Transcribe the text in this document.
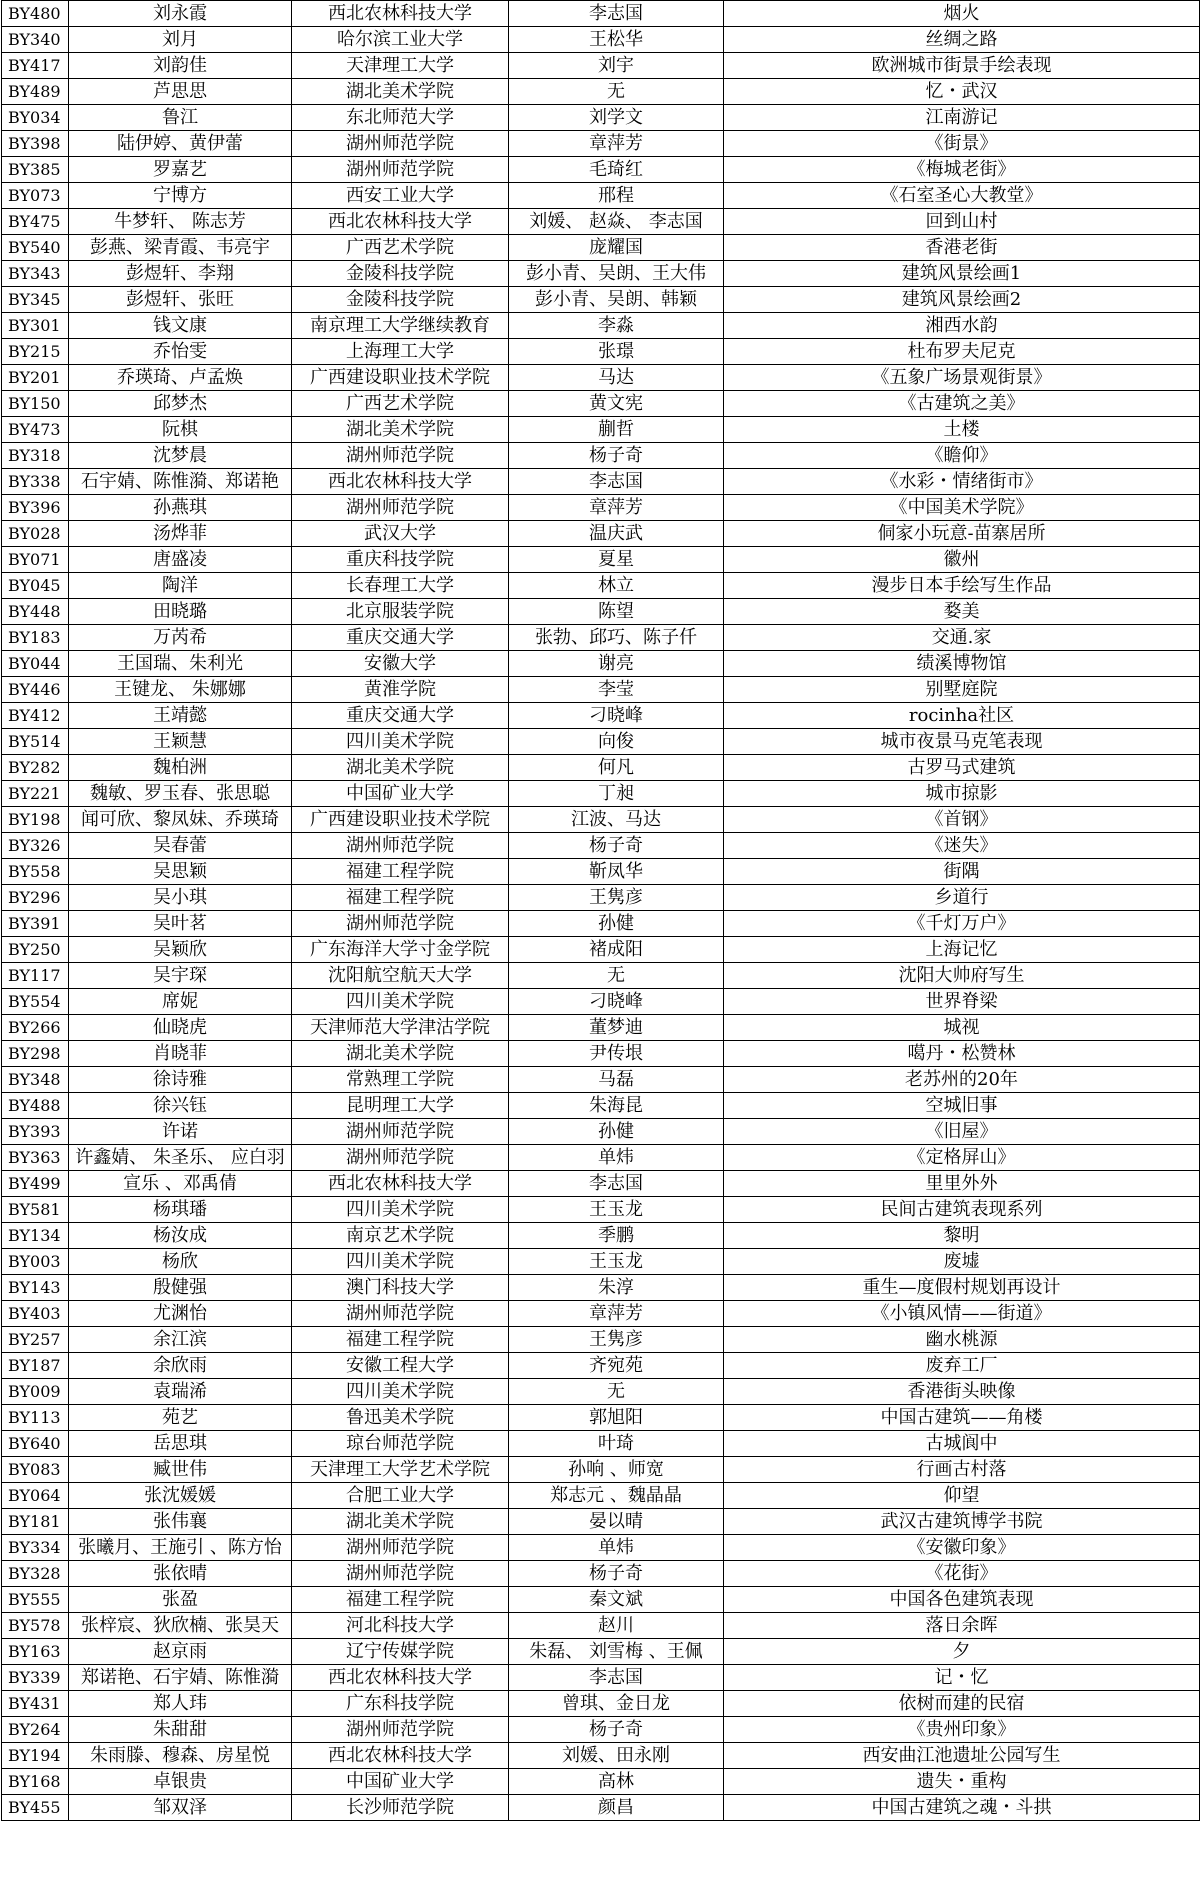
BY480	刘永霞	西北农林科技大学	李志国	烟火
BY340	刘月	哈尔滨工业大学	王松华	丝绸之路
BY417	刘韵佳	天津理工大学	刘宇	欧洲城市街景手绘表现
BY489	芦思思	湖北美术学院	无	忆・武汉
BY034	鲁江	东北师范大学	刘学文	江南游记
BY398	陆伊婷、黄伊蕾	湖州师范学院	章萍芳	《街景》
BY385	罗嘉艺	湖州师范学院	毛琦红	《梅城老街》
BY073	宁博方	西安工业大学	邢程	《石室圣心大教堂》
BY475	牛梦轩、 陈志芳	西北农林科技大学	刘媛、 赵焱、 李志国	回到山村
BY540	彭燕、梁青霞、韦亮宇	广西艺术学院	庞耀国	香港老街
BY343	彭煜轩、李翔	金陵科技学院	彭小青、吴朗、王大伟	建筑风景绘画1
BY345	彭煜轩、张旺	金陵科技学院	彭小青、吴朗、韩颖	建筑风景绘画2
BY301	钱文康	南京理工大学继续教育	李淼	湘西水韵
BY215	乔怡雯	上海理工大学	张璟	杜布罗夫尼克
BY201	乔瑛琦、卢孟焕	广西建设职业技术学院	马达	《五象广场景观街景》
BY150	邱梦杰	广西艺术学院	黄文宪	《古建筑之美》
BY473	阮棋	湖北美术学院	蒯哲	土楼
BY318	沈梦晨	湖州师范学院	杨子奇	《瞻仰》
BY338	石宇婧、陈惟漪、郑诺艳	西北农林科技大学	李志国	《水彩・情绪街市》
BY396	孙燕琪	湖州师范学院	章萍芳	《中国美术学院》
BY028	汤烨菲	武汉大学	温庆武	侗家小玩意-苗寨居所
BY071	唐盛凌	重庆科技学院	夏星	徽州
BY045	陶洋	长春理工大学	林立	漫步日本手绘写生作品
BY448	田晓璐	北京服装学院	陈望	婺美
BY183	万芮希	重庆交通大学	张勃、邱巧、陈子仟	交通.家
BY044	王国瑞、朱利光	安徽大学	谢亮	绩溪博物馆
BY446	王键龙、 朱娜娜	黄淮学院	李莹	别墅庭院
BY412	王靖懿	重庆交通大学	刁晓峰	rocinha社区
BY514	王颖慧	四川美术学院	向俊	城市夜景马克笔表现
BY282	魏柏洲	湖北美术学院	何凡	古罗马式建筑
BY221	魏敏、罗玉春、张思聪	中国矿业大学	丁昶	城市掠影
BY198	闻可欣、黎凤妹、乔瑛琦	广西建设职业技术学院	江波、马达	《首钢》
BY326	吴春蕾	湖州师范学院	杨子奇	《迷失》
BY558	吴思颖	福建工程学院	靳凤华	街隅
BY296	吴小琪	福建工程学院	王隽彦	乡道行
BY391	吴叶茗	湖州师范学院	孙健	《千灯万户》
BY250	吴颖欣	广东海洋大学寸金学院	褚成阳	上海记忆
BY117	吴宇琛	沈阳航空航天大学	无	沈阳大帅府写生
BY554	席妮	四川美术学院	刁晓峰	世界脊梁
BY266	仙晓虎	天津师范大学津沽学院	董梦迪	城视
BY298	肖晓菲	湖北美术学院	尹传垠	噶丹・松赞林
BY348	徐诗雅	常熟理工学院	马磊	老苏州的20年
BY488	徐兴钰	昆明理工大学	朱海昆	空城旧事
BY393	许诺	湖州师范学院	孙健	《旧屋》
BY363	许鑫婧、 朱圣乐、 应白羽	湖州师范学院	单炜	《定格屏山》
BY499	宣乐 、邓禹倩	西北农林科技大学	李志国	里里外外
BY581	杨琪璠	四川美术学院	王玉龙	民间古建筑表现系列
BY134	杨汝成	南京艺术学院	季鹏	黎明
BY003	杨欣	四川美术学院	王玉龙	废墟
BY143	殷健强	澳门科技大学	朱淳	重生—度假村规划再设计
BY403	尤渊怡	湖州师范学院	章萍芳	《小镇风情——街道》
BY257	余江滨	福建工程学院	王隽彦	幽水桃源
BY187	余欣雨	安徽工程大学	齐宛苑	废弃工厂
BY009	袁瑞浠	四川美术学院	无	香港街头映像
BY113	苑艺	鲁迅美术学院	郭旭阳	中国古建筑——角楼
BY640	岳思琪	琼台师范学院	叶琦	古城阆中
BY083	臧世伟	天津理工大学艺术学院	孙响 、师宽	行画古村落
BY064	张沈媛媛	合肥工业大学	郑志元 、魏晶晶	仰望
BY181	张伟襄	湖北美术学院	晏以晴	武汉古建筑博学书院
BY334	张曦月、王施引 、陈方怡	湖州师范学院	单炜	《安徽印象》
BY328	张依晴	湖州师范学院	杨子奇	《花街》
BY555	张盈	福建工程学院	秦文斌	中国各色建筑表现
BY578	张梓宸、狄欣楠、张昊天	河北科技大学	赵川	落日余晖
BY163	赵京雨	辽宁传媒学院	朱磊、 刘雪梅 、王佩	夕
BY339	郑诺艳、石宇婧、陈惟漪	西北农林科技大学	李志国	记・忆
BY431	郑人玮	广东科技学院	曾琪、金日龙	依树而建的民宿
BY264	朱甜甜	湖州师范学院	杨子奇	《贵州印象》
BY194	朱雨滕、穆森、房星悦	西北农林科技大学	刘媛、田永刚	西安曲江池遗址公园写生
BY168	卓银贵	中国矿业大学	高林	遗失・重构
BY455	邹双泽	长沙师范学院	颜昌	中国古建筑之魂・斗拱
